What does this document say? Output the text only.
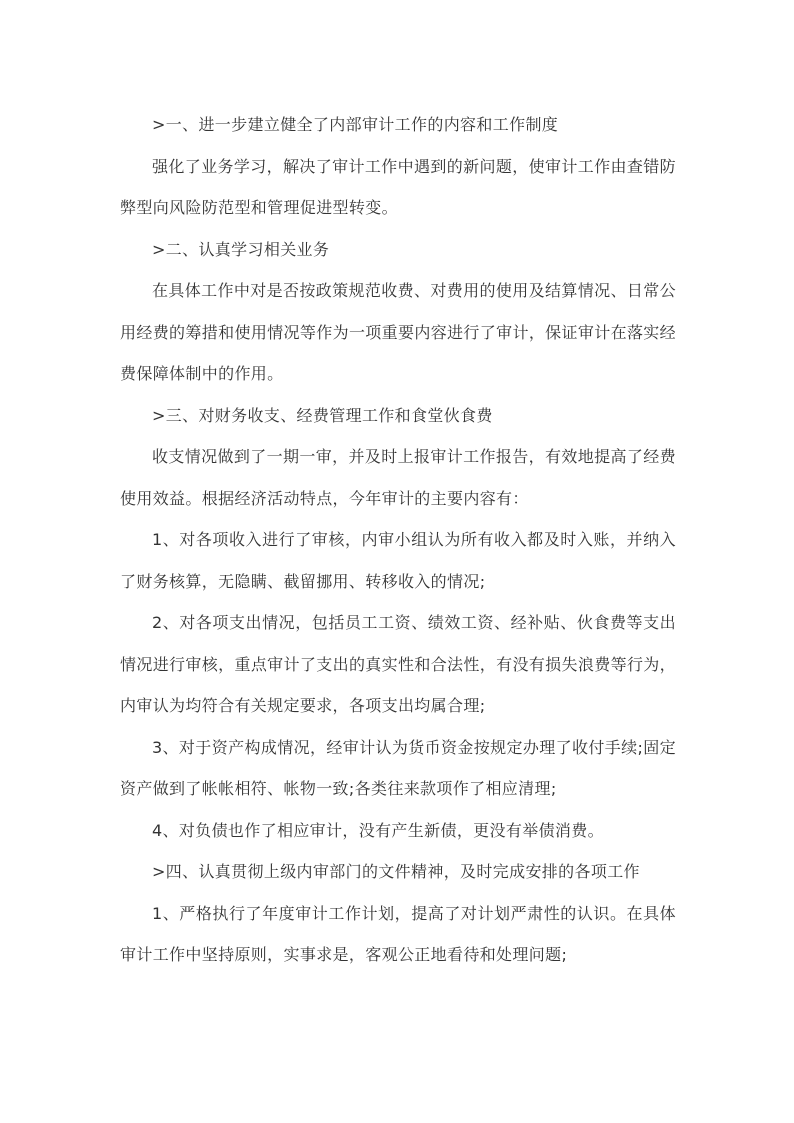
>一、进一步建立健全了内部审计工作的内容和工作制度

强化了业务学习，解决了审计工作中遇到的新问题，使审计工作由查错防弊型向风险防范型和管理促进型转变。

>二、认真学习相关业务

在具体工作中对是否按政策规范收费、对费用的使用及结算情况、日常公用经费的筹措和使用情况等作为一项重要内容进行了审计，保证审计在落实经费保障体制中的作用。

>三、对财务收支、经费管理工作和食堂伙食费

收支情况做到了一期一审，并及时上报审计工作报告，有效地提高了经费使用效益。根据经济活动特点，今年审计的主要内容有：

1、对各项收入进行了审核，内审小组认为所有收入都及时入账，并纳入了财务核算，无隐瞒、截留挪用、转移收入的情况;

2、对各项支出情况，包括员工工资、绩效工资、经补贴、伙食费等支出情况进行审核，重点审计了支出的真实性和合法性，有没有损失浪费等行为，内审认为均符合有关规定要求，各项支出均属合理;

3、对于资产构成情况，经审计认为货币资金按规定办理了收付手续;固定资产做到了帐帐相符、帐物一致;各类往来款项作了相应清理;

4、对负债也作了相应审计，没有产生新债，更没有举债消费。

>四、认真贯彻上级内审部门的文件精神，及时完成安排的各项工作

1、严格执行了年度审计工作计划，提高了对计划严肃性的认识。在具体审计工作中坚持原则，实事求是，客观公正地看待和处理问题;
